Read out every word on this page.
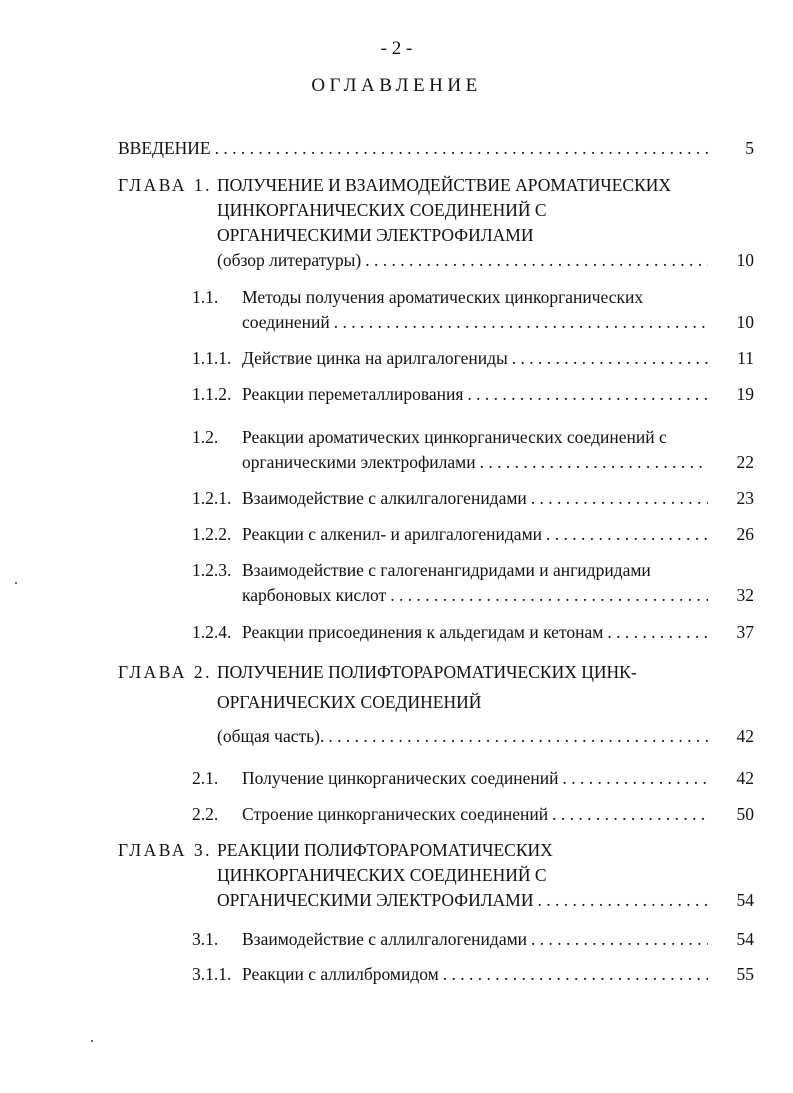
- 2 -
ОГЛАВЛЕНИЕ
ВВЕДЕНИЕ . . .	5
ГЛАВА 1. ПОЛУЧЕНИЕ И ВЗАИМОДЕЙСТВИЕ АРОМАТИЧЕСКИХ
ЦИНКОРГАНИЧЕСКИХ СОЕДИНЕНИЙ С
ОРГАНИЧЕСКИМИ ЭЛЕКТРОФИЛАМИ
(обзор литературы) . . .	10
1.1. Методы получения ароматических цинкорганических
соединений . . .	10
1.1.1. Действие цинка на арилгалогениды . . .	11
1.1.2. Реакции переметаллирования . . .	19
1.2. Реакции ароматических цинкорганических соединений с
органическими электрофилами . . .	22
1.2.1. Взаимодействие с алкилгалогенидами . . .	23
1.2.2. Реакции с алкенил- и арилгалогенидами . . .	26
1.2.3. Взаимодействие с галогенангидридами и ангидридами
карбоновых кислот . . .	32
1.2.4. Реакции присоединения к альдегидам и кетонам . . .	37
ГЛАВА 2. ПОЛУЧЕНИЕ ПОЛИФТОРАРОМАТИЧЕСКИХ ЦИНК-
ОРГАНИЧЕСКИХ СОЕДИНЕНИЙ
(общая часть). . . .	42
2.1. Получение цинкорганических соединений . . .	42
2.2. Строение цинкорганических соединений . . .	50
ГЛАВА 3. РЕАКЦИИ ПОЛИФТОРАРОМАТИЧЕСКИХ
ЦИНКОРГАНИЧЕСКИХ СОЕДИНЕНИЙ С
ОРГАНИЧЕСКИМИ ЭЛЕКТРОФИЛАМИ . . .	54
3.1. Взаимодействие с аллилгалогенидами . . .	54
3.1.1. Реакции с аллилбромидом . . .	55
